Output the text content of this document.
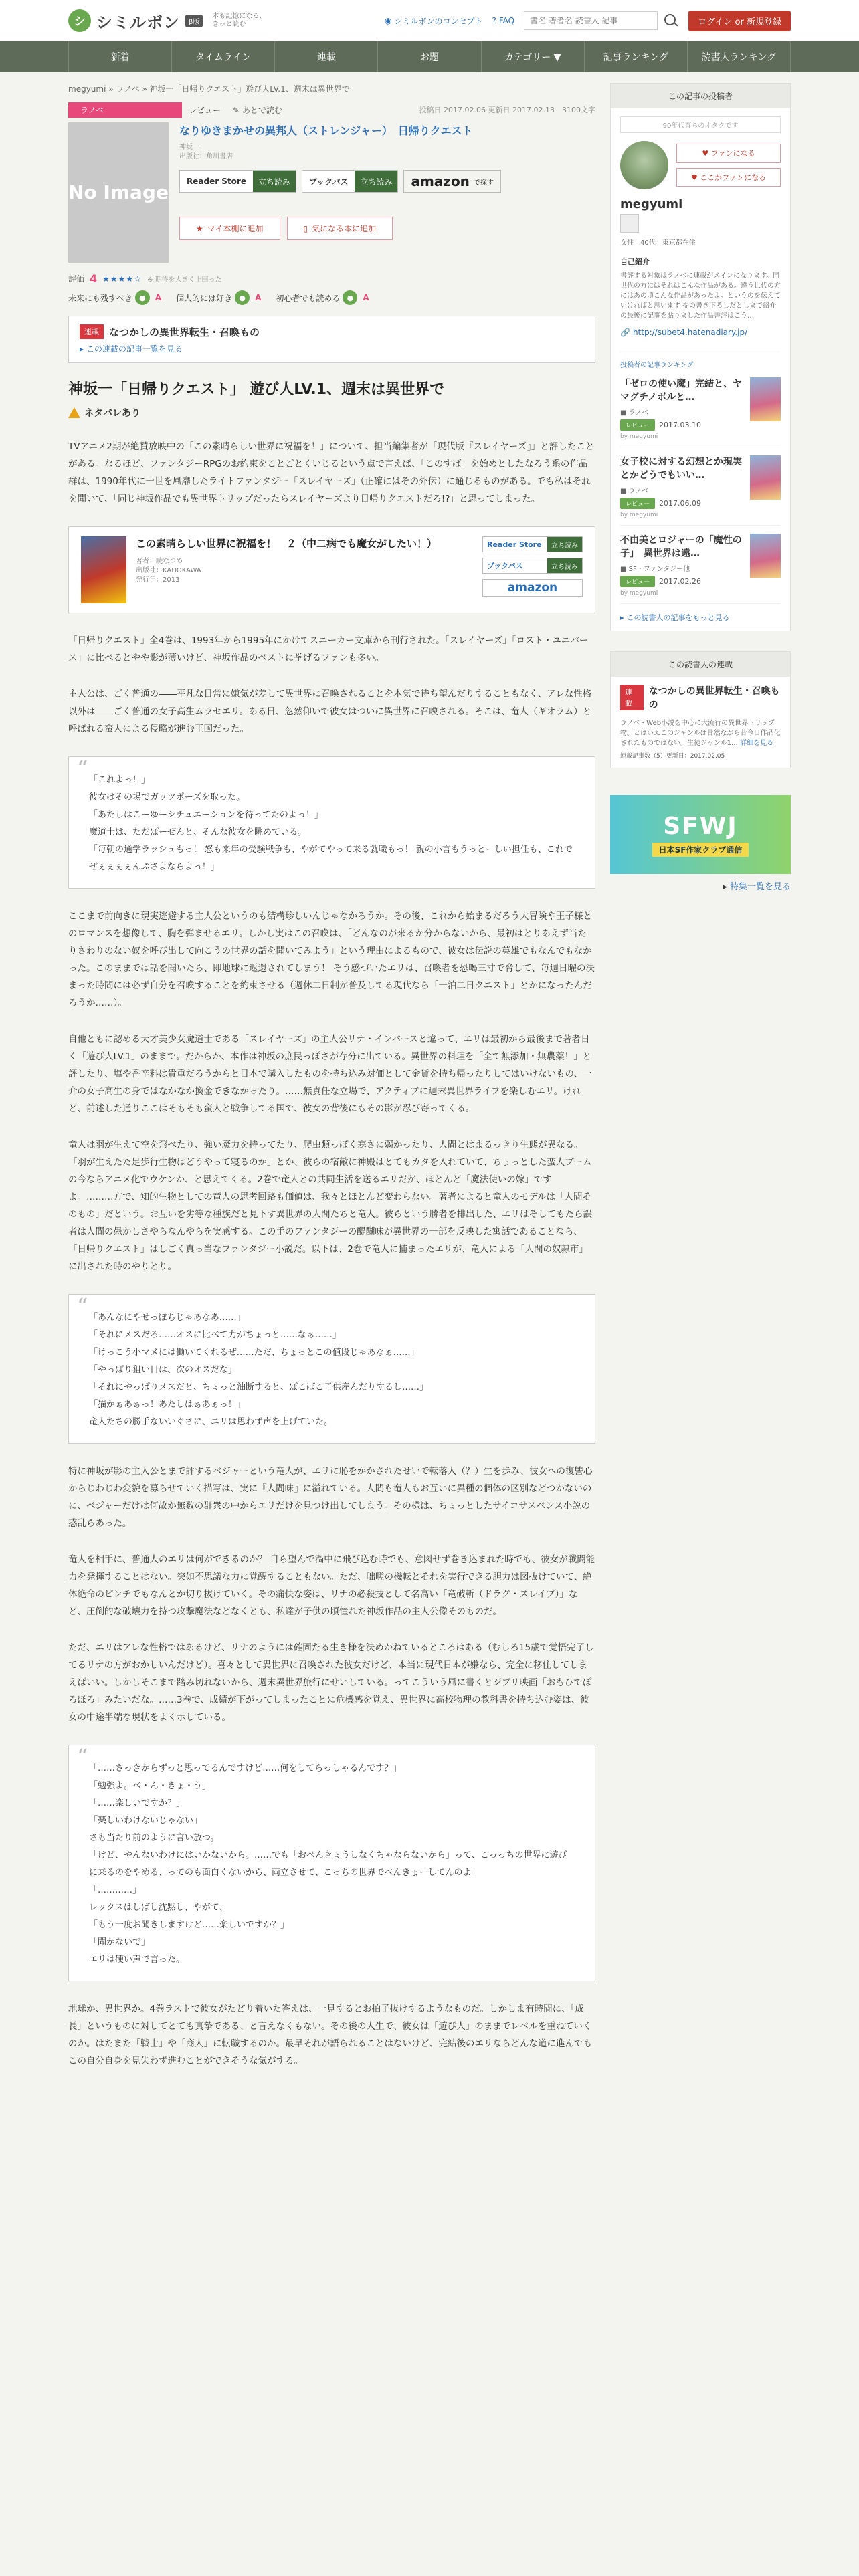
シ シミルボン	β版
本も記憶になる、
きっと読む	◉ シミルボンのコンセプト ? FAQ
書名 著者名 読書人 記事	ログイン or 新規登録
新着	タイムライン	連載	お題	カテゴリー ▼	記事ランキング	読書人ランキング
megyumi » ラノベ » 神坂一「日帰りクエスト」遊び人LV.1、週末は異世界で
ラノベ	レビュー ✎ あとで読む	投稿日 2017.02.06 更新日 2017.02.13　3100文字
No Image
なりゆきまかせの異邦人（ストレンジャー）　日帰りクエスト
神坂一
出版社：角川書店
Reader Store	立ち読み	ブックパス	立ち読み	amazon で探す
★ マイ本棚に追加	▯ 気になる本に追加
評価 4 ★★★★☆ ※ 期待を大きく上回った
未来にも残すべき ●	A 個人的には好き ●	A 初心者でも読める ●	A
連載	なつかしの異世界転生・召喚もの
▸ この連載の記事一覧を見る
神坂一「日帰りクエスト」 遊び人LV.1、週末は異世界で
ネタバレあり

TVアニメ2期が絶賛放映中の「この素晴らしい世界に祝福を！」について、担当編集者が「現代版『スレイヤーズ』」と評したことがある。なるほど、ファンタジーRPGのお約束をことごとくいじるという点で言えば、「このすば」を始めとしたなろう系の作品群は、1990年代に一世を風靡したライトファンタジー「スレイヤーズ」（正確にはその外伝）に通じるものがある。でも私はそれを聞いて、「同じ神坂作品でも異世界トリップだったらスレイヤーズより日帰りクエストだろ!?」と思ってしまった。

この素晴らしい世界に祝福を！　２（中二病でも魔女がしたい！）
著者：暁なつめ
出版社：KADOKAWA
発行年：2013
Reader Store	立ち読み
ブックパス	立ち読み
amazon

「日帰りクエスト」全4巻は、1993年から1995年にかけてスニーカー文庫から刊行された。「スレイヤーズ」「ロスト・ユニバース」に比べるとやや影が薄いけど、神坂作品のベストに挙げるファンも多い。

主人公は、ごく普通の――平凡な日常に嫌気が差して異世界に召喚されることを本気で待ち望んだりすることもなく、アレな性格以外は――ごく普通の女子高生ムラセエリ。ある日、忽然仰いで彼女はついに異世界に召喚される。そこは、竜人（ギオラム）と呼ばれる蛮人による侵略が進む王国だった。

“ 「これよっ！」
彼女はその場でガッツポーズを取った。
「あたしはこーゆーシチュエーションを待ってたのよっ！」
魔道士は、ただぽーぜんと、そんな彼女を眺めている。
「毎朝の通学ラッシュもっ！ 怒も来年の受験戦争も、やがてやって来る就職もっ！ 親の小言もうっとーしい担任も、これでぜぇぇぇぇんぶさよならよっ！」

ここまで前向きに現実逃避する主人公というのも結構珍しいんじゃなかろうか。その後、これから始まるだろう大冒険や王子様とのロマンスを想像して、胸を弾ませるエリ。しかし実はこの召喚は、「どんなのが来るか分からないから、最初はとりあえず当たりさわりのない奴を呼び出して向こうの世界の話を聞いてみよう」という理由によるもので、彼女は伝説の英雄でもなんでもなかった。このままでは話を聞いたら、即地球に返還されてしまう！ そう感づいたエリは、召喚者を恐喝三寸で脅して、毎週日曜の決まった時間には必ず自分を召喚することを約束させる（週休二日制が普及してる現代なら「一泊二日クエスト」とかになったんだろうか……）。

自他ともに認める天才美少女魔道士である「スレイヤーズ」の主人公リナ・インバースと違って、エリは最初から最後まで著者日く「遊び人LV.1」のままで。だからか、本作は神坂の庶民っぽさが存分に出ている。異世界の料理を「全て無添加・無農薬！」と評したり、塩や香辛料は貴重だろうからと日本で購入したものを持ち込み対価として金貨を持ち帰ったりしてはいけないもの、一介の女子高生の身ではなかなか換金できなかったり。……無責任な立場で、アクティブに週末異世界ライフを楽しむエリ。けれど、前述した通りここはそもそも蛮人と戦争してる国で、彼女の背後にもその影が忍び寄ってくる。

竜人は羽が生えて空を飛べたり、強い魔力を持ってたり、爬虫類っぽく寒さに弱かったり、人間とはまるっきり生態が異なる。「羽が生えたた足歩行生物はどうやって寝るのか」とか、彼らの宿敵に神殿はとてもカタを入れていて、ちょっとした蛮人ブームの今ならアニメ化でウケンか、と思えてくる。2巻で竜人との共同生活を送るエリだが、ほとんど「魔法使いの嫁」ですよ。………方で、知的生物としての竜人の思考回路も価値は、我々とほとんど変わらない。著者によると竜人のモデルは「人間そのもの」だという。お互いを劣等な種族だと見下す異世界の人間たちと竜人。彼らという勝者を排出した、エリはそしてもたら誤者は人間の愚かしさやらなんやらを実感する。この手のファンタジーの醍醐味が異世界の一部を反映した寓話であることなら、「日帰りクエスト」はしごく真っ当なファンタジー小説だ。以下は、2巻で竜人に捕まったエリが、竜人による「人間の奴隷市」に出された時のやりとり。

“ 「あんなにやせっぽちじゃあなあ……」
「それにメスだろ……オスに比べて力がちょっと……なぁ……」
「けっこう小マメには働いてくれるぜ……ただ、ちょっとこの値段じゃあなぁ……」
「やっぱり狙い目は、次のオスだな」
「それにやっぱりメスだと、ちょっと油断すると、ぼこぼこ子供産んだりするし……」
「猫かぁあぁっ！あたしはぁあぁっ！」
竜人たちの勝手ないいぐさに、エリは思わず声を上げていた。

特に神坂が影の主人公とまで評するベジャーという竜人が、エリに恥をかかされたせいで転落人（？）生を歩み、彼女への復讐心からじわじわ変貌を募らせていく描写は、実に『人間味』に溢れている。人間も竜人もお互いに異種の個体の区別などつかないのに、ベジャーだけは何故か無数の群衆の中からエリだけを見つけ出してしまう。その様は、ちょっとしたサイコサスペンス小説の惑乱らあった。

竜人を相手に、普通人のエリは何ができるのか？ 自ら望んで渦中に飛び込む時でも、意図せず巻き込まれた時でも、彼女が戦闘能力を発揮することはない。突如不思議な力に覚醒することもない。ただ、咄嗟の機転とそれを実行できる胆力は図抜けていて、絶体絶命のピンチでもなんとか切り抜けていく。その痛快な姿は、リナの必殺技として名高い「竜破斬（ドラグ・スレイブ）」など、圧倒的な破壊力を持つ攻撃魔法などなくとも、私達が子供の頃憧れた神坂作品の主人公像そのものだ。

ただ、エリはアレな性格ではあるけど、リナのようには確固たる生き様を決めかねているところはある（むしろ15歳で覚悟完了してるリナの方がおかしいんだけど）。喜々として異世界に召喚された彼女だけど、本当に現代日本が嫌なら、完全に移住してしまえばいい。しかしそこまで踏み切れないから、週末異世界旅行にせいしている。ってこういう風に書くとジブリ映画「おもひでぽろぽろ」みたいだな。……3巻で、成績が下がってしまったことに危機感を覚え、異世界に高校物理の教科書を持ち込む姿は、彼女の中途半端な現状をよく示している。

“ 「……さっきからずっと思ってるんですけど……何をしてらっしゃるんです？」
「勉強よ。ベ・ん・きょ・う」
「……楽しいですか？」
「楽しいわけないじゃない」
さも当たり前のように言い放つ。
「けど、やんないわけにはいかないから。……でも「おべんきょうしなくちゃならないから」って、こっっちの世界に遊びに来るのをやめる、ってのも面白くないから、両立させて、こっちの世界でべんきょーしてんのよ」
「…………」
レックスはしばし沈黙し、やがて、
「もう一度お聞きしますけど……楽しいですか？」
「聞かないで」
エリは硬い声で言った。

地球か、異世界か。4巻ラストで彼女がたどり着いた答えは、一見するとお拍子抜けするようなものだ。しかしま有時間に、「成長」というものに対してとても真摯である、と言えなくもない。その後の人生で、彼女は「遊び人」のままでレベルを重ねていくのか。はたまた「戦士」や「商人」に転職するのか。最早それが語られることはないけど、完結後のエリならどんな道に進んでもこの自分自身を見失わず進むことができそうな気がする。

この記事の投稿者
90年代育ちのオタクです
♥ ファンになる
♥ ここがファンになる
megyumi
女性　40代　東京都在住
自己紹介
書評する対象はラノベに連載がメインになります。同世代の方にはそれはこんな作品がある。違う世代の方にはあの頃こんな作品があったよ。というのを伝えていければと思います 提の書き下ろしだとしまで紹介の最後に記事を貼りました作品書評はこう…
🔗 http://subet4.hatenadiary.jp/
投稿者の記事ランキング
「ゼロの使い魔」完結と、ヤマグチノボルと…
■ ラノベ
レビュー 2017.03.10
by megyumi
女子校に対する幻想とか現実とかどうでもいい…
■ ラノベ
レビュー 2017.06.09
by megyumi
不由美とロジャーの「魔性の子」　異世界は遠…
■ SF・ファンタジー他
レビュー 2017.02.26
by megyumi
▸ この読書人の記事をもっと見る
この読書人の連載
連載
なつかしの異世界転生・召喚もの
ラノベ・Web小説を中心に大流行の異世界トリップ物。とはいえこのジャンルは昔然ながら昔今日作品化されたものではない。生徒ジャンル1… 詳細を見る
連載記事数（5）更新日：2017.02.05
SFWJ
日本SF作家クラブ通信
▸ 特集一覧を見る
